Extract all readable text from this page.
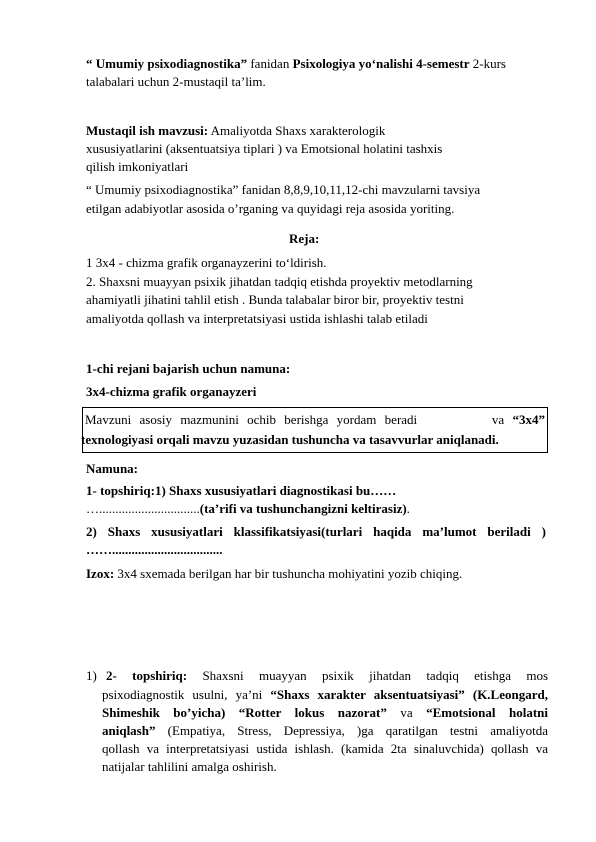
“ Umumiy psixodiagnostika” fanidan Psixologiya yo‘nalishi 4-semestr 2-kurs
talabalari uchun 2-mustaqil ta’lim.
Mustaqil ish mavzusi: Amaliyotda Shaxs xarakterologik
xususiyatlarini (aksentuatsiya tiplari ) va Emotsional holatini tashxis
qilish imkoniyatlari
“ Umumiy psixodiagnostika” fanidan 8,8,9,10,11,12-chi mavzularni tavsiya
etilgan adabiyotlar asosida o’rganing va quyidagi reja asosida yoriting.
Reja:
1 3x4 - chizma grafik organayzerini to‘ldirish.
2. Shaxsni muayyan psixik jihatdan tadqiq etishda proyektiv metodlarning
ahamiyatli jihatini tahlil etish . Bunda talabalar biror bir, proyektiv testni
amaliyotda qollash va interpretatsiyasi ustida ishlashi talab etiladi
1-chi rejani bajarish uchun namuna:
3x4-chizma grafik organayzeri
Mavzuni asosiy mazmunini ochib berishga yordam beradi	va “3x4”
texnologiyasi orqali mavzu yuzasidan tushuncha va tasavvurlar aniqlanadi.
Namuna:
1- topshiriq:1) Shaxs xususiyatlari diagnostikasi bu……
…...............................(ta’rifi va tushunchangizni keltirasiz).
2) Shaxs xususiyatlari klassifikatsiyasi(turlari haqida ma’lumot beriladi )
……..................................
Izox: 3x4 sxemada berilgan har bir tushuncha mohiyatini yozib chiqing.
1) 2- topshiriq: Shaxsni muayyan psixik jihatdan tadqiq etishga mos
psixodiagnostik usulni, ya’ni “Shaxs xarakter aksentuatsiyasi” (K.Leongard,
Shimeshik bo’yicha) “Rotter lokus nazorat” va “Emotsional holatni
aniqlash” (Empatiya, Stress, Depressiya, )ga qaratilgan testni amaliyotda
qollash va interpretatsiyasi ustida ishlash. (kamida 2ta sinaluvchida) qollash va
natijalar tahlilini amalga oshirish.
